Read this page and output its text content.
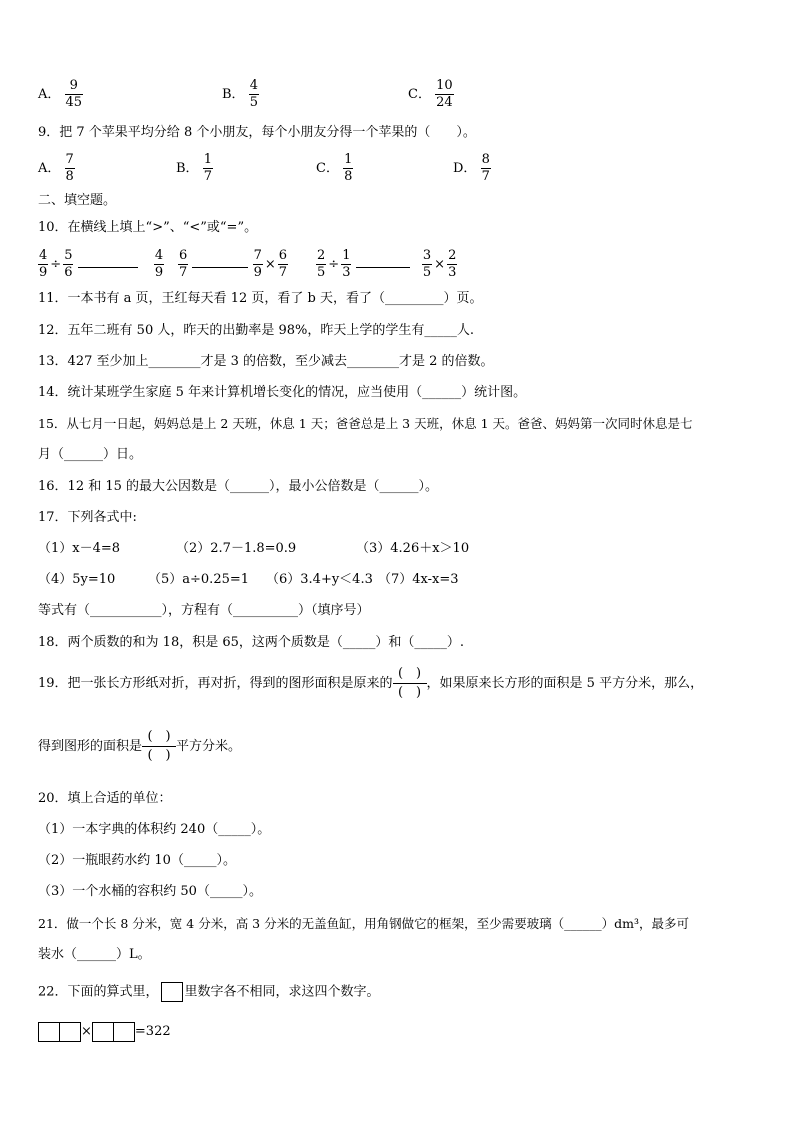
A． $\frac{9}{45}$	B． $\frac{4}{5}$	C． $\frac{10}{24}$
9．把 7 个苹果平均分给 8 个小朋友，每个小朋友分得一个苹果的（　　）。
A． $\frac{7}{8}$	B． $\frac{1}{7}$	C． $\frac{1}{8}$	D． $\frac{8}{7}$
二、填空题。
10．在横线上填上“>”、“<”或“=”。
$\frac{4}{9} \div \frac{5}{6}$
	$\frac{4}{9} \frac{6}{7}$
	$\frac{7}{9} \times \frac{6}{7} \frac{2}{5} \div \frac{1}{3}$
	$\frac{3}{5} \times \frac{2}{3}$
11．一本书有 a 页，王红每天看 12 页，看了 b 天，看了（_________）页。
12．五年二班有 50 人，昨天的出勤率是 98%，昨天上学的学生有_____人.
13．427 至少加上________才是 3 的倍数，至少减去________才是 2 的倍数。
14．统计某班学生家庭 5 年来计算机增长变化的情况，应当使用（______）统计图。
15．从七月一日起，妈妈总是上 2 天班，休息 1 天；爸爸总是上 3 天班，休息 1 天。爸爸、妈妈第一次同时休息是七
月（______）日。
16．12 和 15 的最大公因数是（______），最小公倍数是（______）。
17．下列各式中:
（1）x－4=8	（2）2.7－1.8=0.9	（3）4.26＋x＞10
（4）5y=10	（5）a÷0.25=1 （6）3.4+y＜4.3 （7）4x-x=3
等式有（___________），方程有（__________）（填序号）
18．两个质数的和为 18，积是 65，这两个质数是（_____）和（_____）.
19．把一张长方形纸对折，再对折，得到的图形面积是原来的 $\frac{( )}{( )}$ ，如果原来长方形的面积是 5 平方分米，那么，
得到图形的面积是 $\frac{( )}{( )}$ 平方分米。
20．填上合适的单位：
（1）一本字典的体积约 240（_____）。
（2）一瓶眼药水约 10（_____）。
（3）一个水桶的容积约 50（_____）。
21．做一个长 8 分米，宽 4 分米，高 3 分米的无盖鱼缸，用角钢做它的框架，至少需要玻璃（______）dm³，最多可
装水（______）L。
22．下面的算式里， 里数字各不相同，求这四个数字。
×	=322
